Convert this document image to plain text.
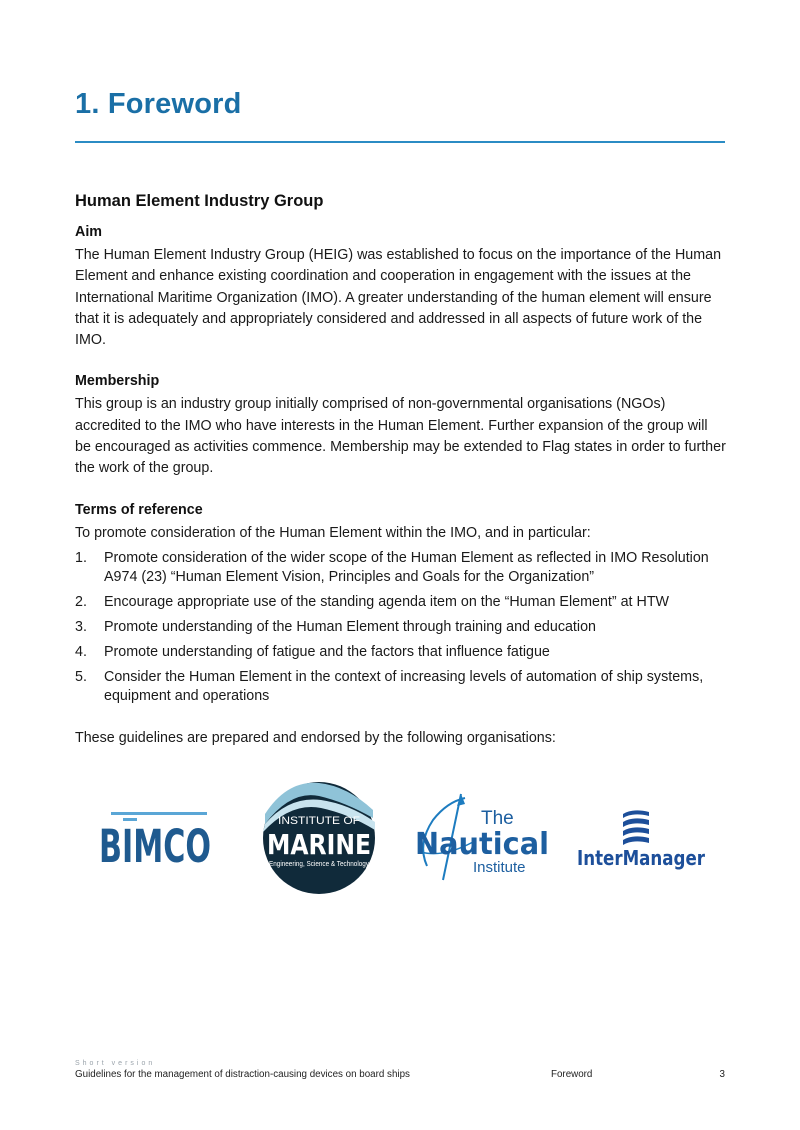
1. Foreword
Human Element Industry Group
Aim

The Human Element Industry Group (HEIG) was established to focus on the importance of the Human Element and enhance existing coordination and cooperation in engagement with the issues at the International Maritime Organization (IMO). A greater understanding of the human element will ensure that it is adequately and appropriately considered and addressed in all aspects of future work of the IMO.

Membership

This group is an industry group initially comprised of non-governmental organisations (NGOs) accredited to the IMO who have interests in the Human Element. Further expansion of the group will be encouraged as activities commence. Membership may be extended to Flag states in order to further the work of the group.

Terms of reference

To promote consideration of the Human Element within the IMO, and in particular:

1. Promote consideration of the wider scope of the Human Element as reflected in IMO Resolution A974 (23) “Human Element Vision, Principles and Goals for the Organization”
2. Encourage appropriate use of the standing agenda item on the “Human Element” at HTW
3. Promote understanding of the Human Element through training and education
4. Promote understanding of fatigue and the factors that influence fatigue
5. Consider the Human Element in the context of increasing levels of automation of ship systems, equipment and operations

These guidelines are prepared and endorsed by the following organisations:

BIMCO	INSTITUTE OF
MARINE
Engineering, Science & Technology
The
Nautical
Institute	InterManager
Short version
Guidelines for the management of distraction-causing devices on board ships	Foreword	3
